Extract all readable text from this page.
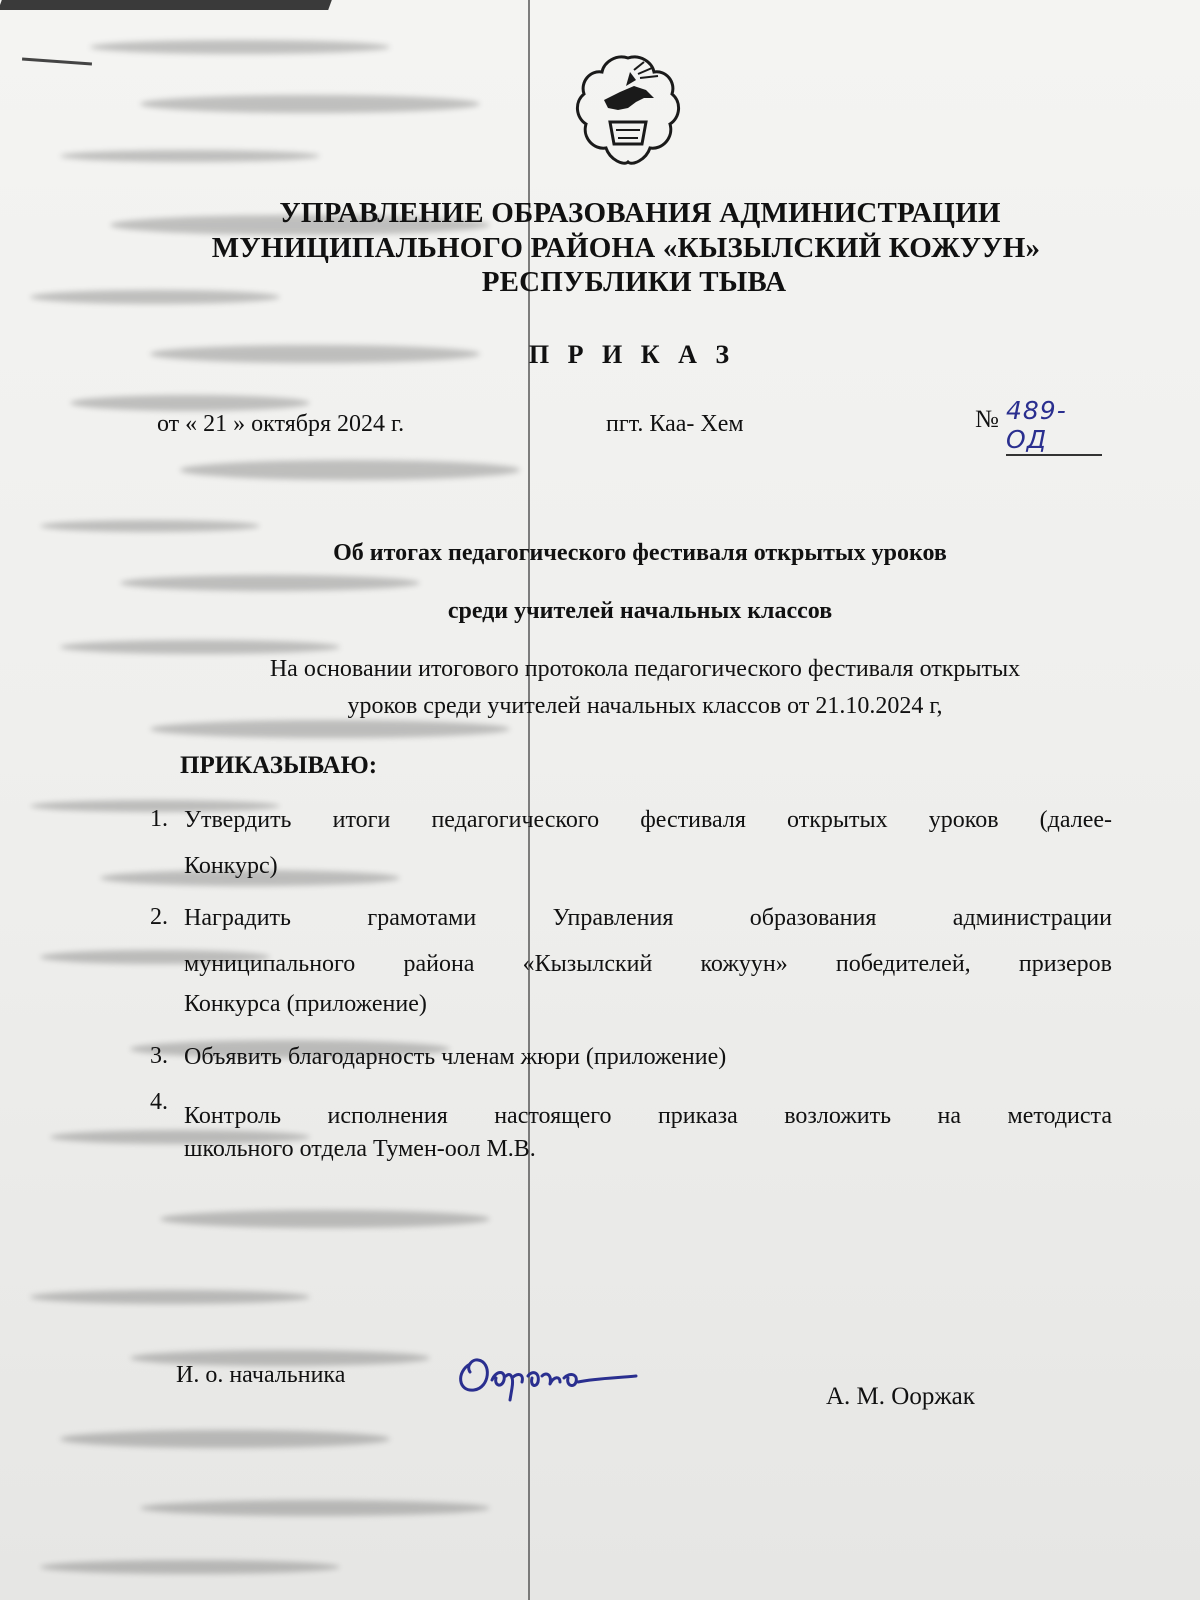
УПРАВЛЕНИЕ ОБРАЗОВАНИЯ АДМИНИСТРАЦИИ
МУНИЦИПАЛЬНОГО РАЙОНА «КЫЗЫЛСКИЙ КОЖУУН»
РЕСПУБЛИКИ ТЫВА
П Р И К А З
от « 21 » октября 2024 г.	пгт. Каа- Хем	№ 489-ОД
Об итогах педагогического фестиваля открытых уроков
среди учителей начальных классов
На основании итогового протокола педагогического фестиваля открытых
уроков среди учителей начальных классов от 21.10.2024 г,
ПРИКАЗЫВАЮ:
1. Утвердить итоги педагогического фестиваля открытых уроков (далее-
Конкурс)
2. Наградить грамотами Управления образования администрации
муниципального района «Кызылский кожуун» победителей, призеров
Конкурса (приложение)
3. Объявить благодарность членам жюри (приложение)
4.
Контроль исполнения настоящего приказа возложить на методиста
школьного отдела Тумен-оол М.В.
И. о. начальника
А. М. Ооржак
